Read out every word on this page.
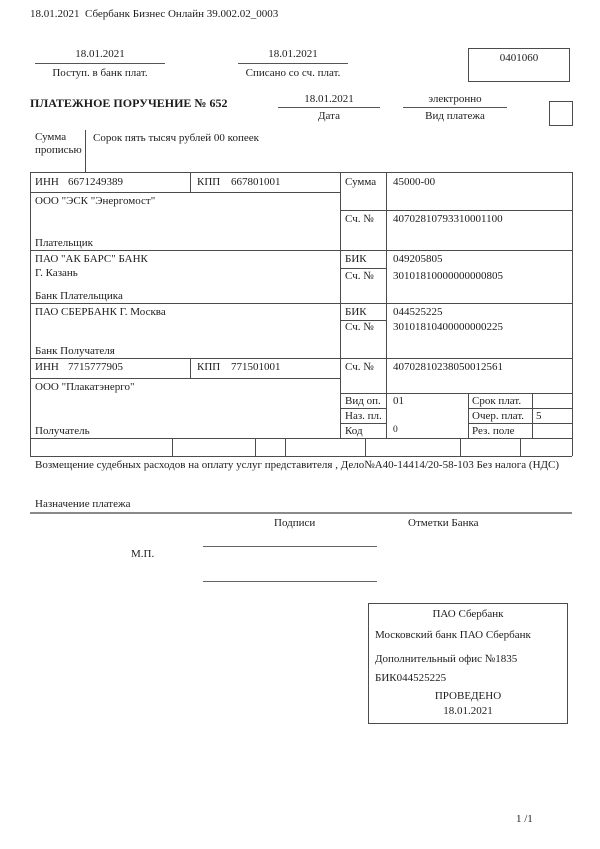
18.01.2021  Сбербанк Бизнес Онлайн 39.002.02_0003
18.01.2021
Поступ. в банк плат.
18.01.2021
Списано со сч. плат.
0401060
ПЛАТЕЖНОЕ ПОРУЧЕНИЕ № 652	18.01.2021
Дата
электронно
Вид платежа
Сумма прописью
Сорок пять тысяч рублей 00 копеек
ИНН 6671249389	КПП 667801001	Сумма 45000-00
ООО "ЭСК "Энергомост"
Сч. № 40702810793310001100
Плательщик
ПАО "АК БАРС" БАНК
Г. Казань
БИК 049205805
Сч. № 30101810000000000805
Банк Плательщика
ПАО СБЕРБАНК Г. Москва	БИК 044525225
Сч. № 30101810400000000225
Банк Получателя
ИНН 7715777905	КПП 771501001	Сч. № 40702810238050012561
ООО "Плакатэнерго"
Получатель
Вид оп. 01	Срок плат.
Наз. пл.	Очер. плат. 5
Код	0	Рез. поле
Возмещение судебных расходов на оплату услуг представителя , Дело№А40-14414/20-58-103 Без налога (НДС)
Назначение платежа
Подписи	Отметки Банка
М.П.
ПАО Сбербанк
Московский банк ПАО Сбербанк
Дополнительный офис №1835
БИК044525225
ПРОВЕДЕНО
18.01.2021
1 /1
